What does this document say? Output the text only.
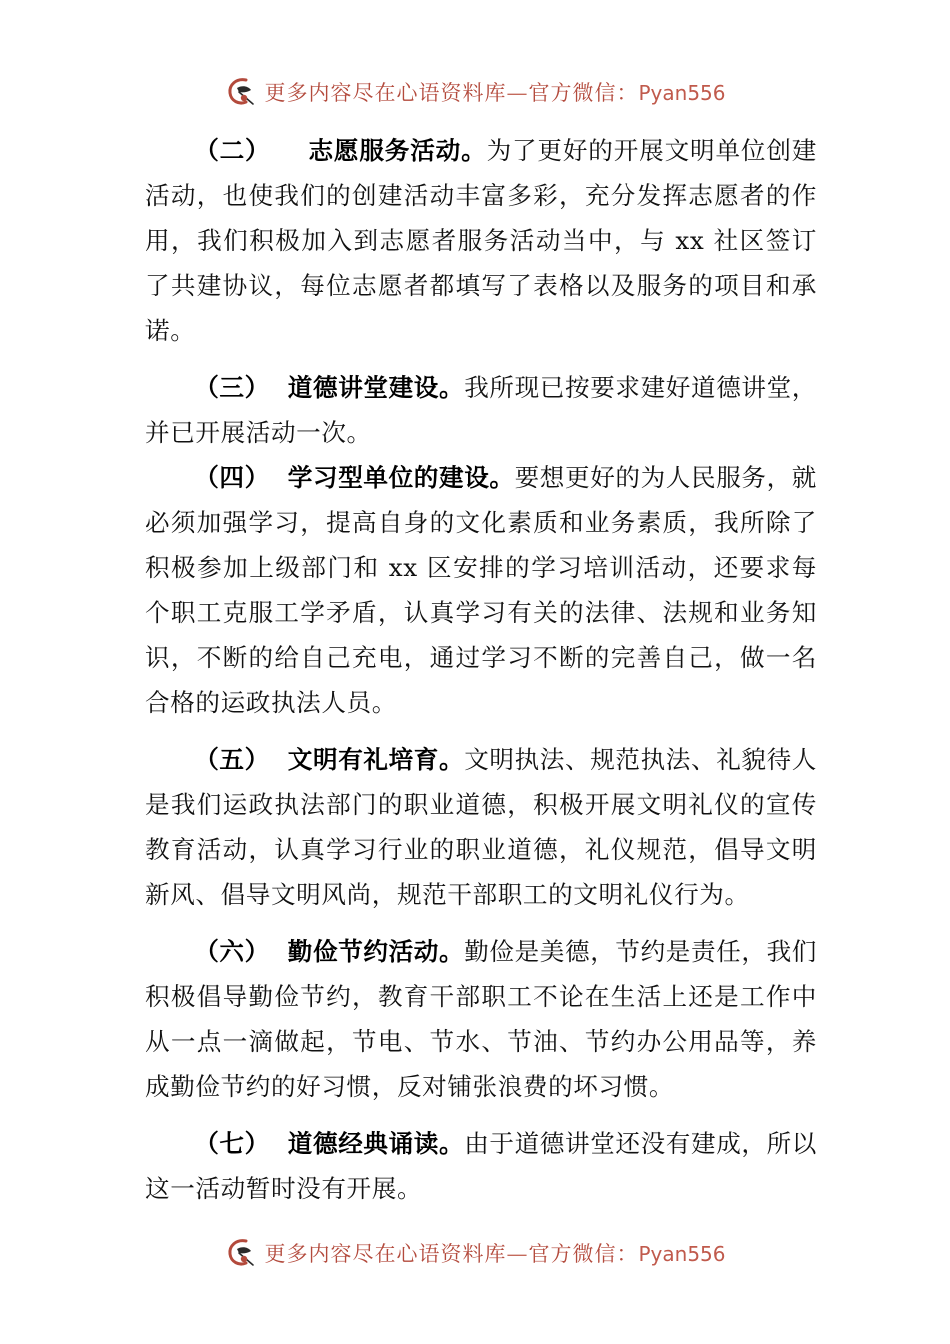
更多内容尽在心语资料库—官方微信：Pyan556

（二） 志愿服务活动。为了更好的开展文明单位创建活动，也使我们的创建活动丰富多彩，充分发挥志愿者的作用，我们积极加入到志愿者服务活动当中，与 xx 社区签订了共建协议，每位志愿者都填写了表格以及服务的项目和承诺。

（三） 道德讲堂建设。我所现已按要求建好道德讲堂，并已开展活动一次。

（四） 学习型单位的建设。要想更好的为人民服务，就必须加强学习，提高自身的文化素质和业务素质，我所除了积极参加上级部门和 xx 区安排的学习培训活动，还要求每个职工克服工学矛盾，认真学习有关的法律、法规和业务知识，不断的给自己充电，通过学习不断的完善自己，做一名合格的运政执法人员。

（五） 文明有礼培育。文明执法、规范执法、礼貌待人是我们运政执法部门的职业道德，积极开展文明礼仪的宣传教育活动，认真学习行业的职业道德，礼仪规范，倡导文明新风、倡导文明风尚，规范干部职工的文明礼仪行为。

（六） 勤俭节约活动。勤俭是美德，节约是责任，我们积极倡导勤俭节约，教育干部职工不论在生活上还是工作中从一点一滴做起，节电、节水、节油、节约办公用品等，养成勤俭节约的好习惯，反对铺张浪费的坏习惯。

（七） 道德经典诵读。由于道德讲堂还没有建成，所以这一活动暂时没有开展。

更多内容尽在心语资料库—官方微信：Pyan556
